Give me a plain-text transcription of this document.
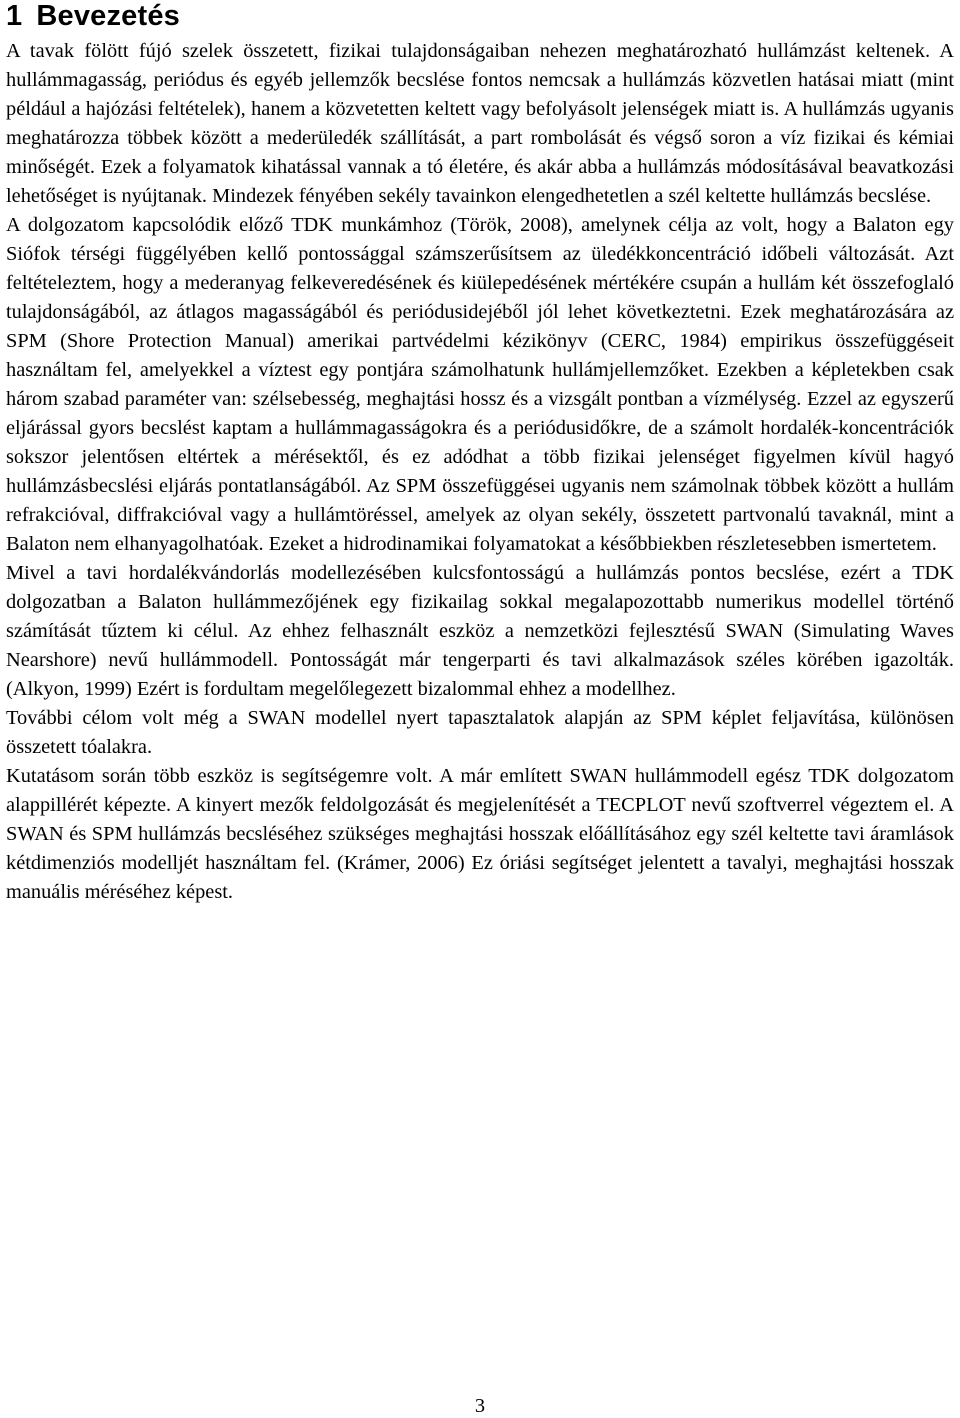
1 Bevezetés

A tavak fölött fújó szelek összetett, fizikai tulajdonságaiban nehezen meghatározható hullámzást keltenek. A hullámmagasság, periódus és egyéb jellemzők becslése fontos nemcsak a hullámzás közvetlen hatásai miatt (mint például a hajózási feltételek), hanem a közvetetten keltett vagy befolyásolt jelenségek miatt is. A hullámzás ugyanis meghatározza többek között a mederüledék szállítását, a part rombolását és végső soron a víz fizikai és kémiai minőségét. Ezek a folyamatok kihatással vannak a tó életére, és akár abba a hullámzás módosításával beavatkozási lehetőséget is nyújtanak. Mindezek fényében sekély tavainkon elengedhetetlen a szél keltette hullámzás becslése.

A dolgozatom kapcsolódik előző TDK munkámhoz (Török, 2008), amelynek célja az volt, hogy a Balaton egy Siófok térségi függélyében kellő pontossággal számszerűsítsem az üledékkoncentráció időbeli változását. Azt feltételeztem, hogy a mederanyag felkeveredésének és kiülepedésének mértékére csupán a hullám két összefoglaló tulajdonságából, az átlagos magasságából és periódusidejéből jól lehet következtetni. Ezek meghatározására az SPM (Shore Protection Manual) amerikai partvédelmi kézikönyv (CERC, 1984) empirikus összefüggéseit használtam fel, amelyekkel a víztest egy pontjára számolhatunk hullámjellemzőket. Ezekben a képletekben csak három szabad paraméter van: szélsebesség, meghajtási hossz és a vizsgált pontban a vízmélység. Ezzel az egyszerű eljárással gyors becslést kaptam a hullámmagasságokra és a periódusidőkre, de a számolt hordalék-koncentrációk sokszor jelentősen eltértek a mérésektől, és ez adódhat a több fizikai jelenséget figyelmen kívül hagyó hullámzásbecslési eljárás pontatlanságából. Az SPM összefüggései ugyanis nem számolnak többek között a hullám refrakcióval, diffrakcióval vagy a hullámtöréssel, amelyek az olyan sekély, összetett partvonalú tavaknál, mint a Balaton nem elhanyagolhatóak. Ezeket a hidrodinamikai folyamatokat a későbbiekben részletesebben ismertetem.

Mivel a tavi hordalékvándorlás modellezésében kulcsfontosságú a hullámzás pontos becslése, ezért a TDK dolgozatban a Balaton hullámmezőjének egy fizikailag sokkal megalapozottabb numerikus modellel történő számítását tűztem ki célul. Az ehhez felhasznált eszköz a nemzetközi fejlesztésű SWAN (Simulating Waves Nearshore) nevű hullámmodell. Pontosságát már tengerparti és tavi alkalmazások széles körében igazolták. (Alkyon, 1999) Ezért is fordultam megelőlegezett bizalommal ehhez a modellhez.

További célom volt még a SWAN modellel nyert tapasztalatok alapján az SPM képlet feljavítása, különösen összetett tóalakra.

Kutatásom során több eszköz is segítségemre volt. A már említett SWAN hullámmodell egész TDK dolgozatom alappillérét képezte. A kinyert mezők feldolgozását és megjelenítését a TECPLOT nevű szoftverrel végeztem el. A SWAN és SPM hullámzás becsléséhez szükséges meghajtási hosszak előállításához egy szél keltette tavi áramlások kétdimenziós modelljét használtam fel. (Krámer, 2006) Ez óriási segítséget jelentett a tavalyi, meghajtási hosszak manuális méréséhez képest.

3
